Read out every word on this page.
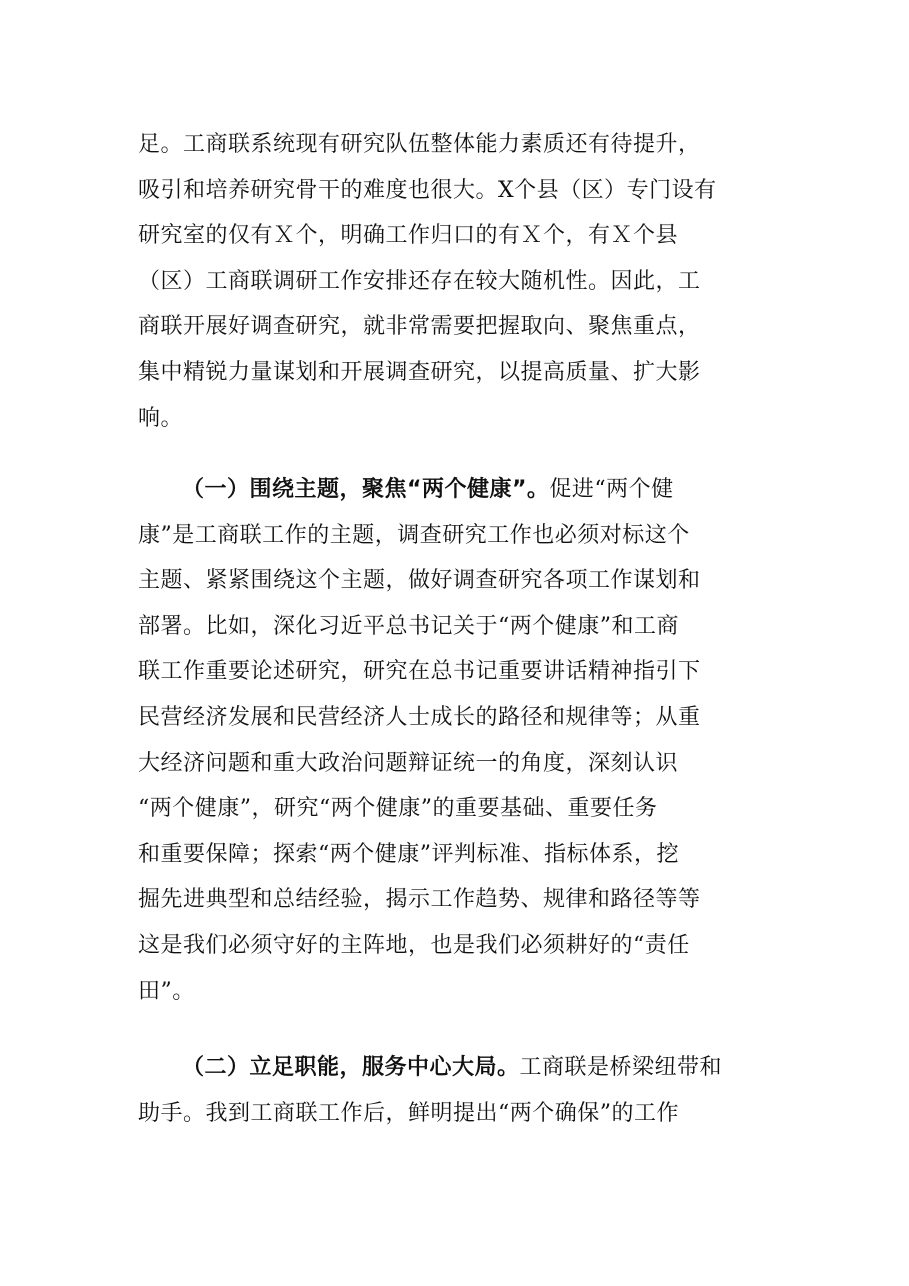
足。工商联系统现有研究队伍整体能力素质还有待提升，
吸引和培养研究骨干的难度也很大。X个县（区）专门设有
研究室的仅有Ｘ个，明确工作归口的有Ｘ个，有Ｘ个县
（区）工商联调研工作安排还存在较大随机性。因此，工
商联开展好调查研究，就非常需要把握取向、聚焦重点，
集中精锐力量谋划和开展调查研究，以提高质量、扩大影
响。
（一）围绕主题，聚焦“两个健康”。促进“两个健
康”是工商联工作的主题，调查研究工作也必须对标这个
主题、紧紧围绕这个主题，做好调查研究各项工作谋划和
部署。比如，深化习近平总书记关于“两个健康”和工商
联工作重要论述研究，研究在总书记重要讲话精神指引下
民营经济发展和民营经济人士成长的路径和规律等；从重
大经济问题和重大政治问题辩证统一的角度，深刻认识
“两个健康”，研究“两个健康”的重要基础、重要任务
和重要保障；探索“两个健康”评判标准、指标体系，挖
掘先进典型和总结经验，揭示工作趋势、规律和路径等等
这是我们必须守好的主阵地，也是我们必须耕好的“责任
田”。
（二）立足职能，服务中心大局。工商联是桥梁纽带和
助手。我到工商联工作后，鲜明提出“两个确保”的工作
